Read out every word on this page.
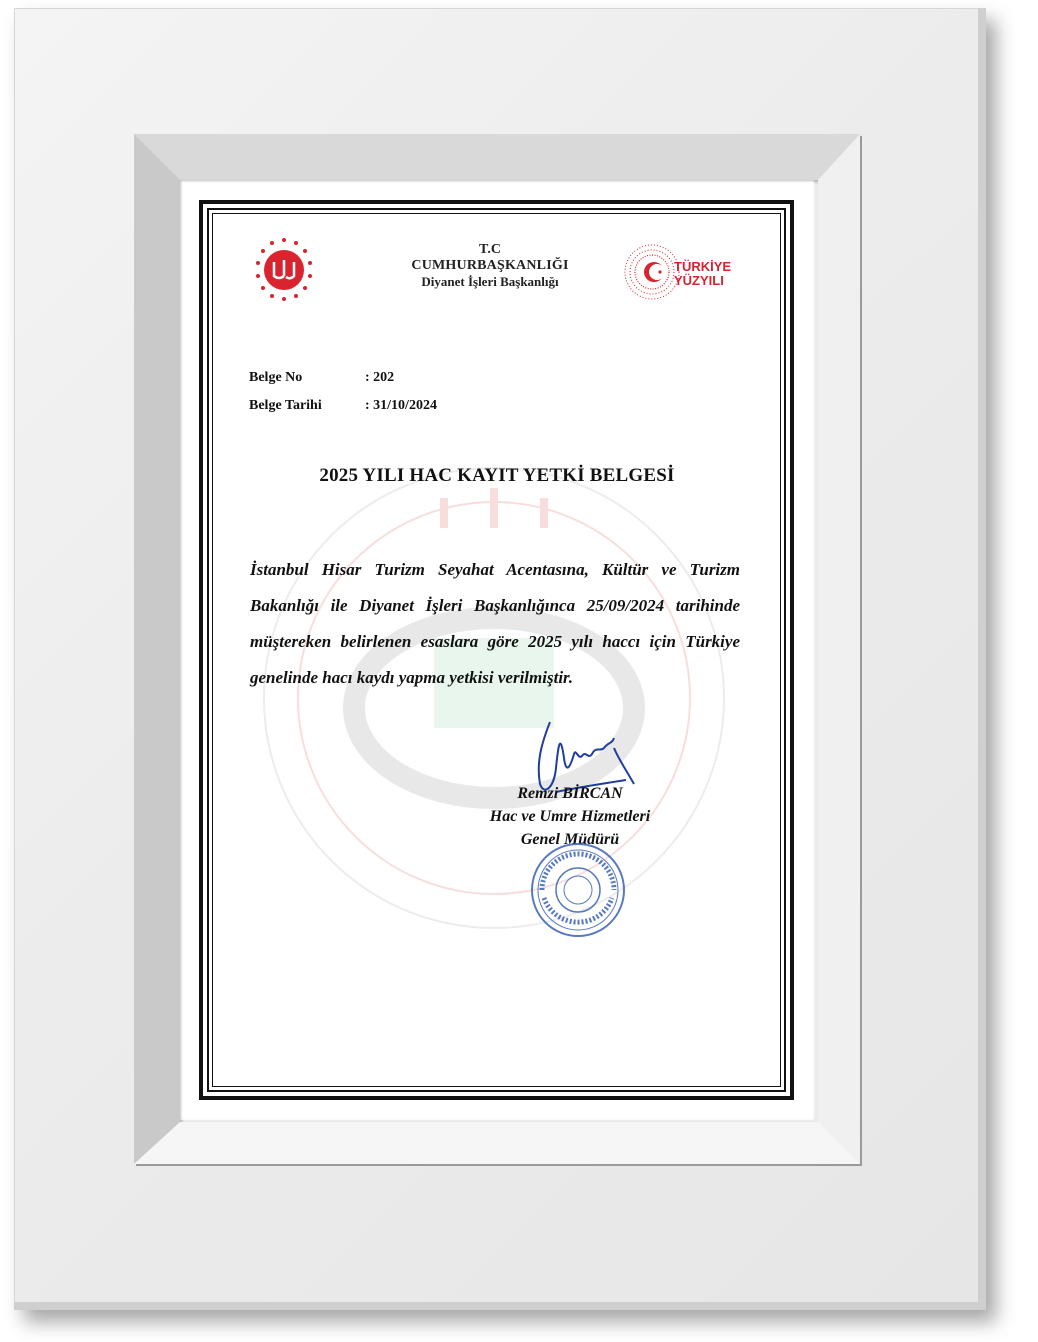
T.C
CUMHURBAŞKANLIĞI
Diyanet İşleri Başkanlığı
TÜRKİYE
YÜZYILI
Belge No	: 202
Belge Tarihi	: 31/10/2024
2025 YILI HAC KAYIT YETKİ BELGESİ
İstanbul Hisar Turizm Seyahat Acentasına, Kültür ve Turizm Bakanlığı ile Diyanet İşleri Başkanlığınca 25/09/2024 tarihinde müştereken belirlenen esaslara göre 2025 yılı haccı için Türkiye genelinde hacı kaydı yapma yetkisi verilmiştir.
Remzi BİRCAN
Hac ve Umre Hizmetleri
Genel Müdürü
